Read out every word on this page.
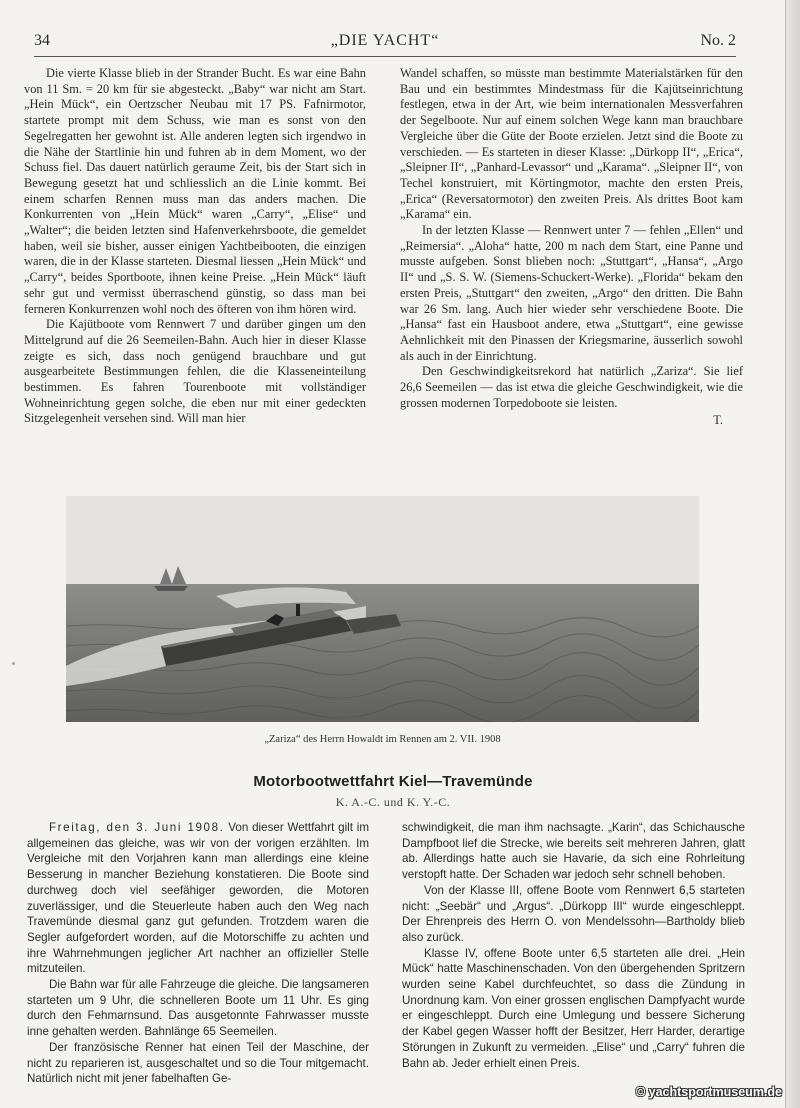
34	„DIE YACHT“	No. 2

Die vierte Klasse blieb in der Strander Bucht. Es war eine Bahn von 11 Sm. = 20 km für sie abgesteckt. „Baby“ war nicht am Start. „Hein Mück“, ein Oertzscher Neubau mit 17 PS. Fafnirmotor, startete prompt mit dem Schuss, wie man es sonst von den Segelregatten her gewohnt ist. Alle anderen legten sich irgendwo in die Nähe der Startlinie hin und fuhren ab in dem Moment, wo der Schuss fiel. Das dauert natürlich geraume Zeit, bis der Start sich in Bewegung gesetzt hat und schliesslich an die Linie kommt. Bei einem scharfen Rennen muss man das anders machen. Die Konkurrenten von „Hein Mück“ waren „Carry“, „Elise“ und „Walter“; die beiden letzten sind Hafenverkehrsboote, die gemeldet haben, weil sie bisher, ausser einigen Yachtbeibooten, die einzigen waren, die in der Klasse starteten. Diesmal liessen „Hein Mück“ und „Carry“, beides Sportboote, ihnen keine Preise. „Hein Mück“ läuft sehr gut und vermisst überraschend günstig, so dass man bei ferneren Konkurrenzen wohl noch des öfteren von ihm hören wird.

Die Kajütboote vom Rennwert 7 und darüber gingen um den Mittelgrund auf die 26 Seemeilen-Bahn. Auch hier in dieser Klasse zeigte es sich, dass noch genügend brauchbare und gut ausgearbeitete Bestimmungen fehlen, die die Klasseneinteilung bestimmen. Es fahren Tourenboote mit vollständiger Wohneinrichtung gegen solche, die eben nur mit einer gedeckten Sitzgelegenheit versehen sind. Will man hier

Wandel schaffen, so müsste man bestimmte Materialstärken für den Bau und ein bestimmtes Mindestmass für die Kajütseinrichtung festlegen, etwa in der Art, wie beim internationalen Messverfahren der Segelboote. Nur auf einem solchen Wege kann man brauchbare Vergleiche über die Güte der Boote erzielen. Jetzt sind die Boote zu verschieden. — Es starteten in dieser Klasse: „Dürkopp II“, „Erica“, „Sleipner II“, „Panhard-Levassor“ und „Karama“. „Sleipner II“, von Techel konstruiert, mit Körtingmotor, machte den ersten Preis, „Erica“ (Reversatormotor) den zweiten Preis. Als drittes Boot kam „Karama“ ein.

In der letzten Klasse — Rennwert unter 7 — fehlen „Ellen“ und „Reimersia“. „Aloha“ hatte, 200 m nach dem Start, eine Panne und musste aufgeben. Sonst blieben noch: „Stuttgart“, „Hansa“, „Argo II“ und „S. S. W. (Siemens-Schuckert-Werke). „Florida“ bekam den ersten Preis, „Stuttgart“ den zweiten, „Argo“ den dritten. Die Bahn war 26 Sm. lang. Auch hier wieder sehr verschiedene Boote. Die „Hansa“ fast ein Hausboot andere, etwa „Stuttgart“, eine gewisse Aehnlichkeit mit den Pinassen der Kriegsmarine, äusserlich sowohl als auch in der Einrichtung.

Den Geschwindigkeitsrekord hat natürlich „Zariza“. Sie lief 26,6 Seemeilen — das ist etwa die gleiche Geschwindigkeit, wie die grossen modernen Torpedoboote sie leisten.

T.

„Zariza“ des Herrn Howaldt im Rennen am 2. VII. 1908
Motorbootwettfahrt Kiel—Travemünde
K. A.-C. und K. Y.-C.

Freitag, den 3. Juni 1908. Von dieser Wettfahrt gilt im allgemeinen das gleiche, was wir von der vorigen erzählten. Im Vergleiche mit den Vorjahren kann man allerdings eine kleine Besserung in mancher Beziehung konstatieren. Die Boote sind durchweg doch viel seefähiger geworden, die Motoren zuverlässiger, und die Steuerleute haben auch den Weg nach Travemünde diesmal ganz gut gefunden. Trotzdem waren die Segler aufgefordert worden, auf die Motorschiffe zu achten und ihre Wahrnehmungen jeglicher Art nachher an offizieller Stelle mitzuteilen.

Die Bahn war für alle Fahrzeuge die gleiche. Die langsameren starteten um 9 Uhr, die schnelleren Boote um 11 Uhr. Es ging durch den Fehmarnsund. Das ausgetonnte Fahrwasser musste inne gehalten werden. Bahnlänge 65 Seemeilen.

Der französische Renner hat einen Teil der Maschine, der nicht zu reparieren ist, ausgeschaltet und so die Tour mitgemacht. Natürlich nicht mit jener fabelhaften Ge-

schwindigkeit, die man ihm nachsagte. „Karin“, das Schichausche Dampfboot lief die Strecke, wie bereits seit mehreren Jahren, glatt ab. Allerdings hatte auch sie Havarie, da sich eine Rohrleitung verstopft hatte. Der Schaden war jedoch sehr schnell behoben.

Von der Klasse III, offene Boote vom Rennwert 6,5 starteten nicht: „Seebär“ und „Argus“. „Dürkopp III“ wurde eingeschleppt. Der Ehrenpreis des Herrn O. von Mendelssohn—Bartholdy blieb also zurück.

Klasse IV, offene Boote unter 6,5 starteten alle drei. „Hein Mück“ hatte Maschinenschaden. Von den übergehenden Spritzern wurden seine Kabel durchfeuchtet, so dass die Zündung in Unordnung kam. Von einer grossen englischen Dampfyacht wurde er eingeschleppt. Durch eine Umlegung und bessere Sicherung der Kabel gegen Wasser hofft der Besitzer, Herr Harder, derartige Störungen in Zukunft zu vermeiden. „Elise“ und „Carry“ fuhren die Bahn ab. Jeder erhielt einen Preis.

© yachtsportmuseum.de
